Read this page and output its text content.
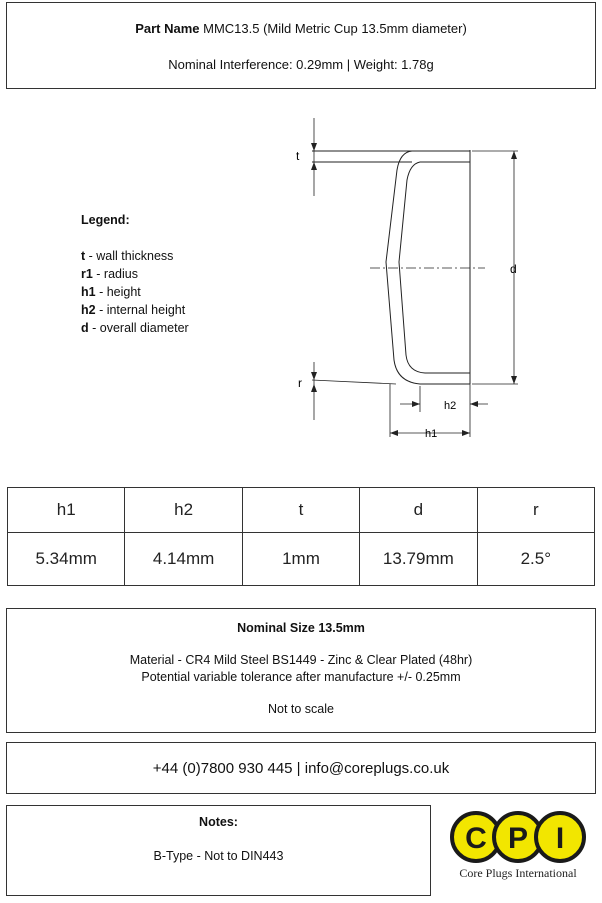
Part Name MMC13.5 (Mild Metric Cup 13.5mm diameter)
Nominal Interference: 0.29mm | Weight: 1.78g
t
d
r
h2
h1
Legend:
t - wall thickness
r1 - radius
h1 - height
h2 - internal height
d - overall diameter
h1	h2	t	d	r
5.34mm	4.14mm	1mm	13.79mm	2.5°
Nominal Size 13.5mm
Material - CR4 Mild Steel BS1449 - Zinc & Clear Plated (48hr)
Potential variable tolerance after manufacture +/- 0.25mm
Not to scale
+44 (0)7800 930 445 | info@coreplugs.co.uk
Notes:
B-Type - Not to DIN443
C P I
Core Plugs International
